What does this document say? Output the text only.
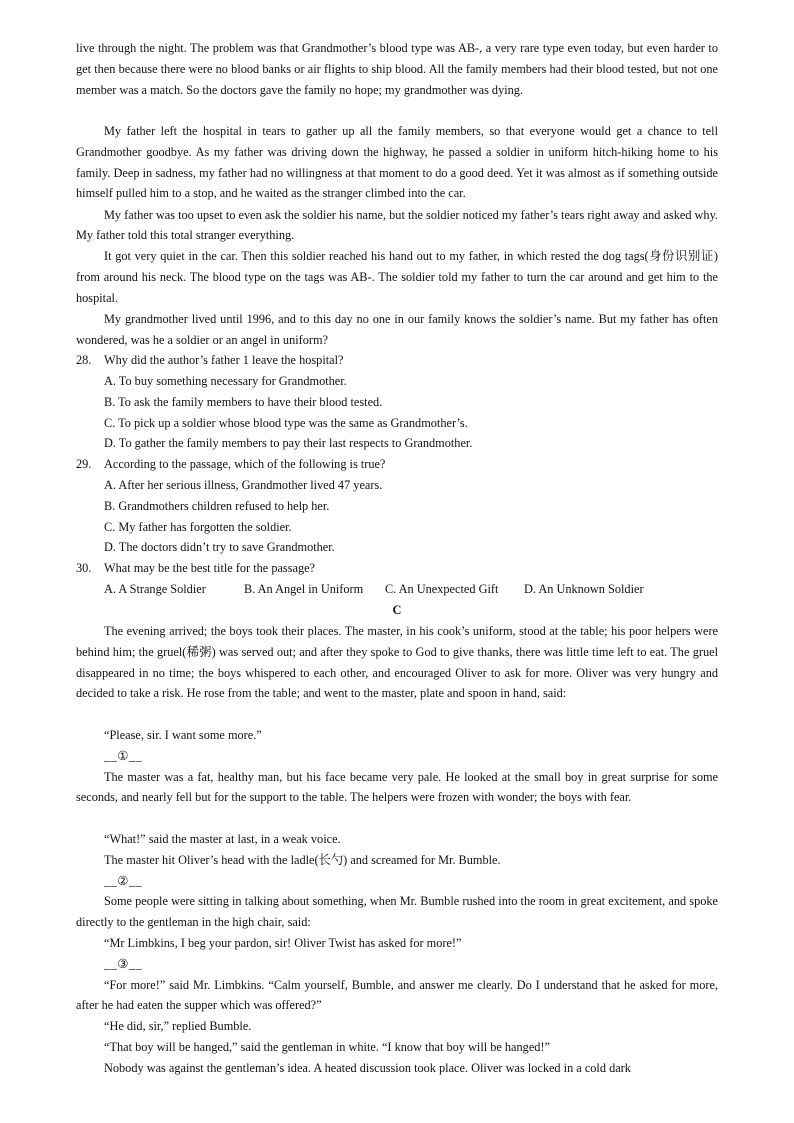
live through the night. The problem was that Grandmother’s blood type was AB-, a very rare type even today, but even harder to get then because there were no blood banks or air flights to ship blood. All the family members had their blood tested, but not one member was a match. So the doctors gave the family no hope; my grandmother was dying.

My father left the hospital in tears to gather up all the family members, so that everyone would get a chance to tell Grandmother goodbye. As my father was driving down the highway, he passed a soldier in uniform hitch-hiking home to his family. Deep in sadness, my father had no willingness at that moment to do a good deed. Yet it was almost as if something outside himself pulled him to a stop, and he waited as the stranger climbed into the car.

My father was too upset to even ask the soldier his name, but the soldier noticed my father’s tears right away and asked why. My father told this total stranger everything.

It got very quiet in the car. Then this soldier reached his hand out to my father, in which rested the dog tags(身份识别证) from around his neck. The blood type on the tags was AB-. The soldier told my father to turn the car around and get him to the hospital.

My grandmother lived until 1996, and to this day no one in our family knows the soldier’s name. But my father has often wondered, was he a soldier or an angel in uniform?

28. Why did the author’s father 1 leave the hospital?

A. To buy something necessary for Grandmother.

B. To ask the family members to have their blood tested.

C. To pick up a soldier whose blood type was the same as Grandmother’s.

D. To gather the family members to pay their last respects to Grandmother.

29. According to the passage, which of the following is true?

A. After her serious illness, Grandmother lived 47 years.

B. Grandmothers children refused to help her.

C. My father has forgotten the soldier.

D. The doctors didn’t try to save Grandmother.

30. What may be the best title for the passage?

A. A Strange Soldier	B. An Angel in Uniform C. An Unexpected Gift D. An Unknown Soldier

C

The evening arrived; the boys took their places. The master, in his cook’s uniform, stood at the table; his poor helpers were behind him; the gruel(稀粥) was served out; and after they spoke to God to give thanks, there was little time left to eat. The gruel disappeared in no time; the boys whispered to each other, and encouraged Oliver to ask for more. Oliver was very hungry and decided to take a risk. He rose from the table; and went to the master, plate and spoon in hand, said:

“Please, sir. I want some more.”

__①__

The master was a fat, healthy man, but his face became very pale. He looked at the small boy in great surprise for some seconds, and nearly fell but for the support to the table. The helpers were frozen with wonder; the boys with fear.

“What!” said the master at last, in a weak voice.

The master hit Oliver’s head with the ladle(长勺) and screamed for Mr. Bumble.

__②__

Some people were sitting in talking about something, when Mr. Bumble rushed into the room in great excitement, and spoke directly to the gentleman in the high chair, said:

“Mr Limbkins, I beg your pardon, sir! Oliver Twist has asked for more!”

__③__

“For more!” said Mr. Limbkins. “Calm yourself, Bumble, and answer me clearly. Do I understand that he asked for more, after he had eaten the supper which was offered?”

“He did, sir,” replied Bumble.

“That boy will be hanged,” said the gentleman in white. “I know that boy will be hanged!”

Nobody was against the gentleman’s idea. A heated discussion took place. Oliver was locked in a cold dark
